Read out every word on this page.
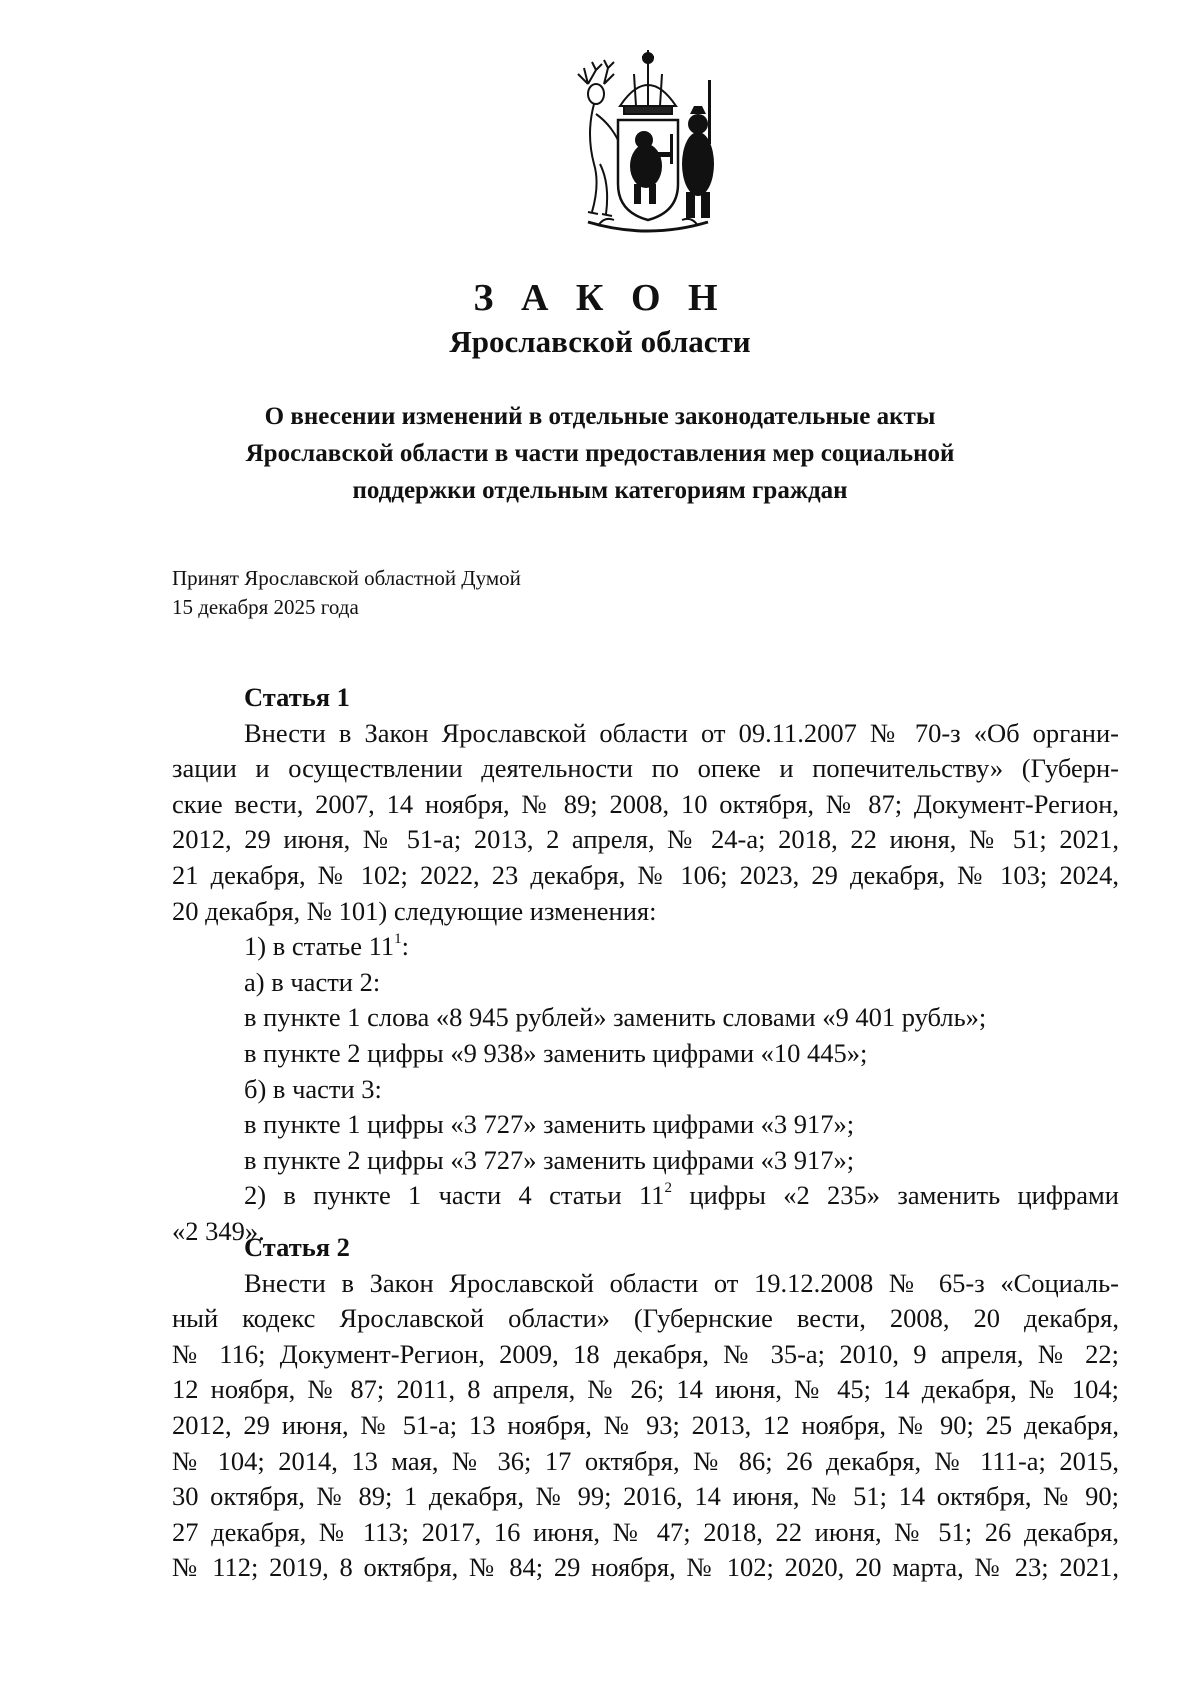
З А К О Н
Ярославской области
О внесении изменений в отдельные законодательные акты
Ярославской области в части предоставления мер социальной
поддержки отдельным категориям граждан
Принят Ярославской областной Думой
15 декабря 2025 года
Статья 1
Внести в Закон Ярославской области от 09.11.2007 № 70-з «Об органи-
зации и осуществлении деятельности по опеке и попечительству» (Губерн-
ские вести, 2007, 14 ноября, № 89; 2008, 10 октября, № 87; Документ-Регион,
2012, 29 июня, № 51-а; 2013, 2 апреля, № 24-а; 2018, 22 июня, № 51; 2021,
21 декабря, № 102; 2022, 23 декабря, № 106; 2023, 29 декабря, № 103; 2024,
20 декабря, № 101) следующие изменения:
1) в статье $11^1$:
а) в части 2:
в пункте 1 слова «8 945 рублей» заменить словами «9 401 рубль»;
в пункте 2 цифры «9 938» заменить цифрами «10 445»;
б) в части 3:
в пункте 1 цифры «3 727» заменить цифрами «3 917»;
в пункте 2 цифры «3 727» заменить цифрами «3 917»;
2) в пункте 1 части 4 статьи $11^2$ цифры «2 235» заменить цифрами
«2 349».
Статья 2
Внести в Закон Ярославской области от 19.12.2008 № 65-з «Социаль-
ный кодекс Ярославской области» (Губернские вести, 2008, 20 декабря,
№ 116; Документ-Регион, 2009, 18 декабря, № 35-а; 2010, 9 апреля, № 22;
12 ноября, № 87; 2011, 8 апреля, № 26; 14 июня, № 45; 14 декабря, № 104;
2012, 29 июня, № 51-а; 13 ноября, № 93; 2013, 12 ноября, № 90; 25 декабря,
№ 104; 2014, 13 мая, № 36; 17 октября, № 86; 26 декабря, № 111-а; 2015,
30 октября, № 89; 1 декабря, № 99; 2016, 14 июня, № 51; 14 октября, № 90;
27 декабря, № 113; 2017, 16 июня, № 47; 2018, 22 июня, № 51; 26 декабря,
№ 112; 2019, 8 октября, № 84; 29 ноября, № 102; 2020, 20 марта, № 23; 2021,
